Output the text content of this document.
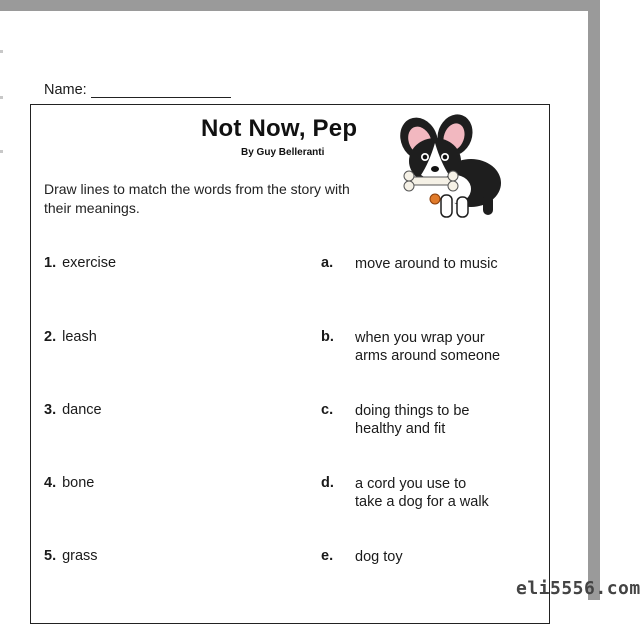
Name:
Not Now, Pep
By Guy Belleranti
Draw lines to match the words from the story with their meanings.
1. exercise
2. leash
3. dance
4. bone
5. grass
a. move around to music
b. when you wrap your
arms around someone
c. doing things to be
healthy and fit
d. a cord you use to
take a dog for a walk
e. dog toy
eli5556.com
